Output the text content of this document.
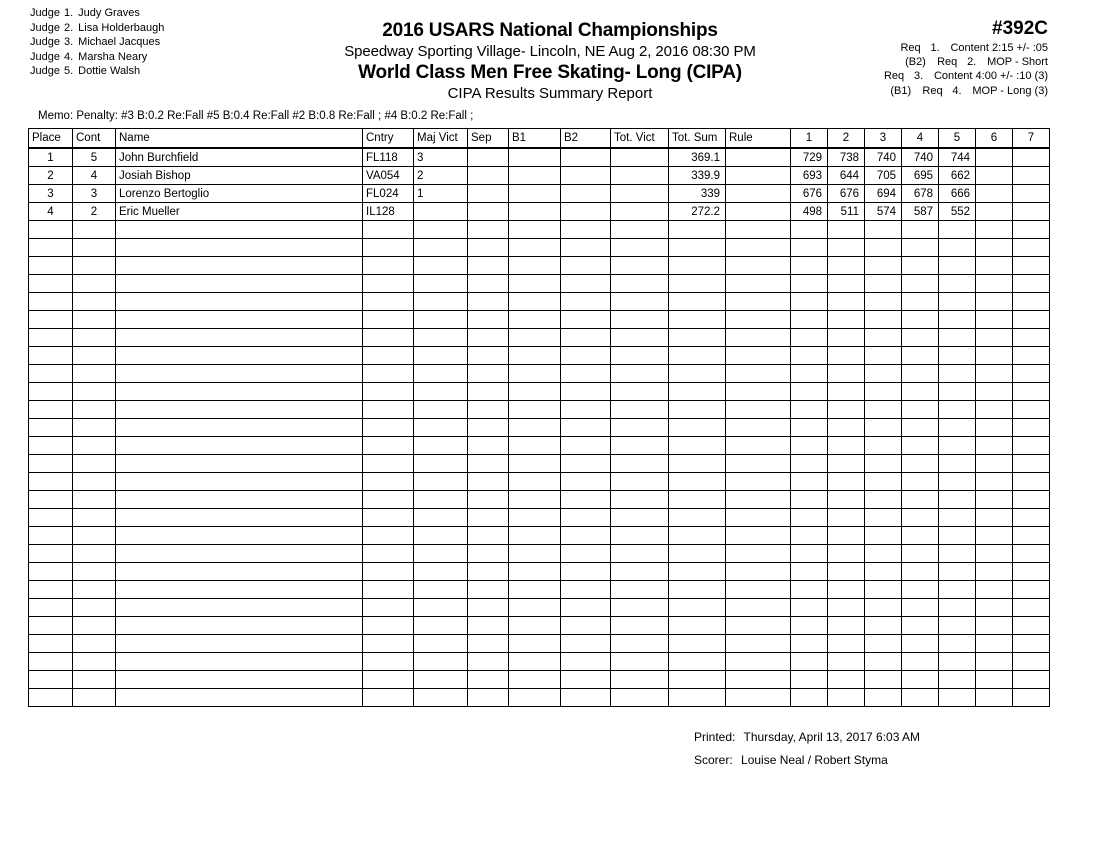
Judge 1. Judy Graves
Judge 2. Lisa Holderbaugh
Judge 3. Michael Jacques
Judge 4. Marsha Neary
Judge 5. Dottie Walsh
2016 USARS National Championships
Speedway Sporting Village- Lincoln, NE Aug 2, 2016 08:30 PM
World Class Men Free Skating- Long (CIPA)
CIPA Results Summary Report
#392C
Req 1. Content 2:15 +/- :05
(B2)	Req 2. MOP - Short
Req 3. Content 4:00 +/- :10 (3)
(B1)	Req 4. MOP - Long (3)
Memo: Penalty: #3 B:0.2 Re:Fall #5 B:0.4 Re:Fall #2 B:0.8 Re:Fall ; #4 B:0.2 Re:Fall ;
Place	Cont	Name	Cntry	Maj Vict	Sep	B1	B2	Tot. Vict	Tot. Sum	Rule	1	2	3	4	5	6	7
1	5	John Burchfield	FL118	3					369.1		729	738	740	740	744		
2	4	Josiah Bishop	VA054	2					339.9		693	644	705	695	662		
3	3	Lorenzo Bertoglio	FL024	1					339		676	676	694	678	666		
4	2	Eric Mueller	IL128						272.2		498	511	574	587	552		

Printed: Thursday, April 13, 2017 6:03 AM
Scorer: Louise Neal / Robert Styma
